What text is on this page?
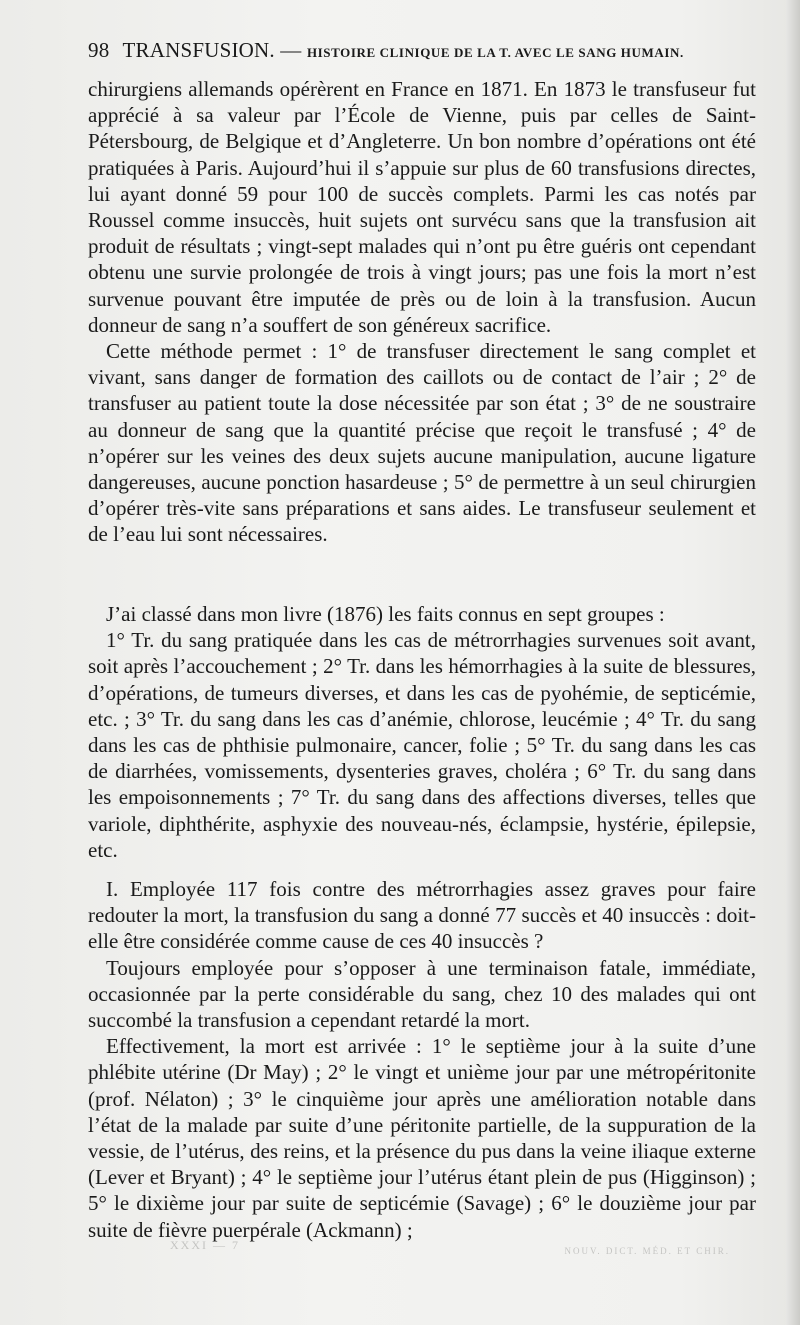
98 TRANSFUSION. — HISTOIRE CLINIQUE DE LA T. AVEC LE SANG HUMAIN.

chirurgiens allemands opérèrent en France en 1871. En 1873 le transfuseur fut apprécié à sa valeur par l’École de Vienne, puis par celles de Saint-Pétersbourg, de Belgique et d’Angleterre. Un bon nombre d’opérations ont été pratiquées à Paris. Aujourd’hui il s’appuie sur plus de 60 transfusions directes, lui ayant donné 59 pour 100 de succès complets. Parmi les cas notés par Roussel comme insuccès, huit sujets ont survécu sans que la transfusion ait produit de résultats ; vingt-sept malades qui n’ont pu être guéris ont cependant obtenu une survie prolongée de trois à vingt jours; pas une fois la mort n’est survenue pouvant être imputée de près ou de loin à la transfusion. Aucun donneur de sang n’a souffert de son généreux sacrifice.

Cette méthode permet : 1° de transfuser directement le sang complet et vivant, sans danger de formation des caillots ou de contact de l’air ; 2° de transfuser au patient toute la dose nécessitée par son état ; 3° de ne soustraire au donneur de sang que la quantité précise que reçoit le transfusé ; 4° de n’opérer sur les veines des deux sujets aucune manipulation, aucune ligature dangereuses, aucune ponction hasardeuse ; 5° de permettre à un seul chirurgien d’opérer très-vite sans préparations et sans aides. Le transfuseur seulement et de l’eau lui sont nécessaires.

J’ai classé dans mon livre (1876) les faits connus en sept groupes :

1° Tr. du sang pratiquée dans les cas de métrorrhagies survenues soit avant, soit après l’accouchement ; 2° Tr. dans les hémorrhagies à la suite de blessures, d’opérations, de tumeurs diverses, et dans les cas de pyohémie, de septicémie, etc. ; 3° Tr. du sang dans les cas d’anémie, chlorose, leucémie ; 4° Tr. du sang dans les cas de phthisie pulmonaire, cancer, folie ; 5° Tr. du sang dans les cas de diarrhées, vomissements, dysenteries graves, choléra ; 6° Tr. du sang dans les empoisonnements ; 7° Tr. du sang dans des affections diverses, telles que variole, diphthérite, asphyxie des nouveau-nés, éclampsie, hystérie, épilepsie, etc.

I. Employée 117 fois contre des métrorrhagies assez graves pour faire redouter la mort, la transfusion du sang a donné 77 succès et 40 insuccès : doit-elle être considérée comme cause de ces 40 insuccès ?

Toujours employée pour s’opposer à une terminaison fatale, immédiate, occasionnée par la perte considérable du sang, chez 10 des malades qui ont succombé la transfusion a cependant retardé la mort.

Effectivement, la mort est arrivée : 1° le septième jour à la suite d’une phlébite utérine (Dr May) ; 2° le vingt et unième jour par une métropéritonite (prof. Nélaton) ; 3° le cinquième jour après une amélioration notable dans l’état de la malade par suite d’une péritonite partielle, de la suppuration de la vessie, de l’utérus, des reins, et la présence du pus dans la veine iliaque externe (Lever et Bryant) ; 4° le septième jour l’utérus étant plein de pus (Higginson) ; 5° le dixième jour par suite de septicémie (Savage) ; 6° le douzième jour par suite de fièvre puerpérale (Ackmann) ;

XXXI — 7	NOUV. DICT. MÉD. ET CHIR.
